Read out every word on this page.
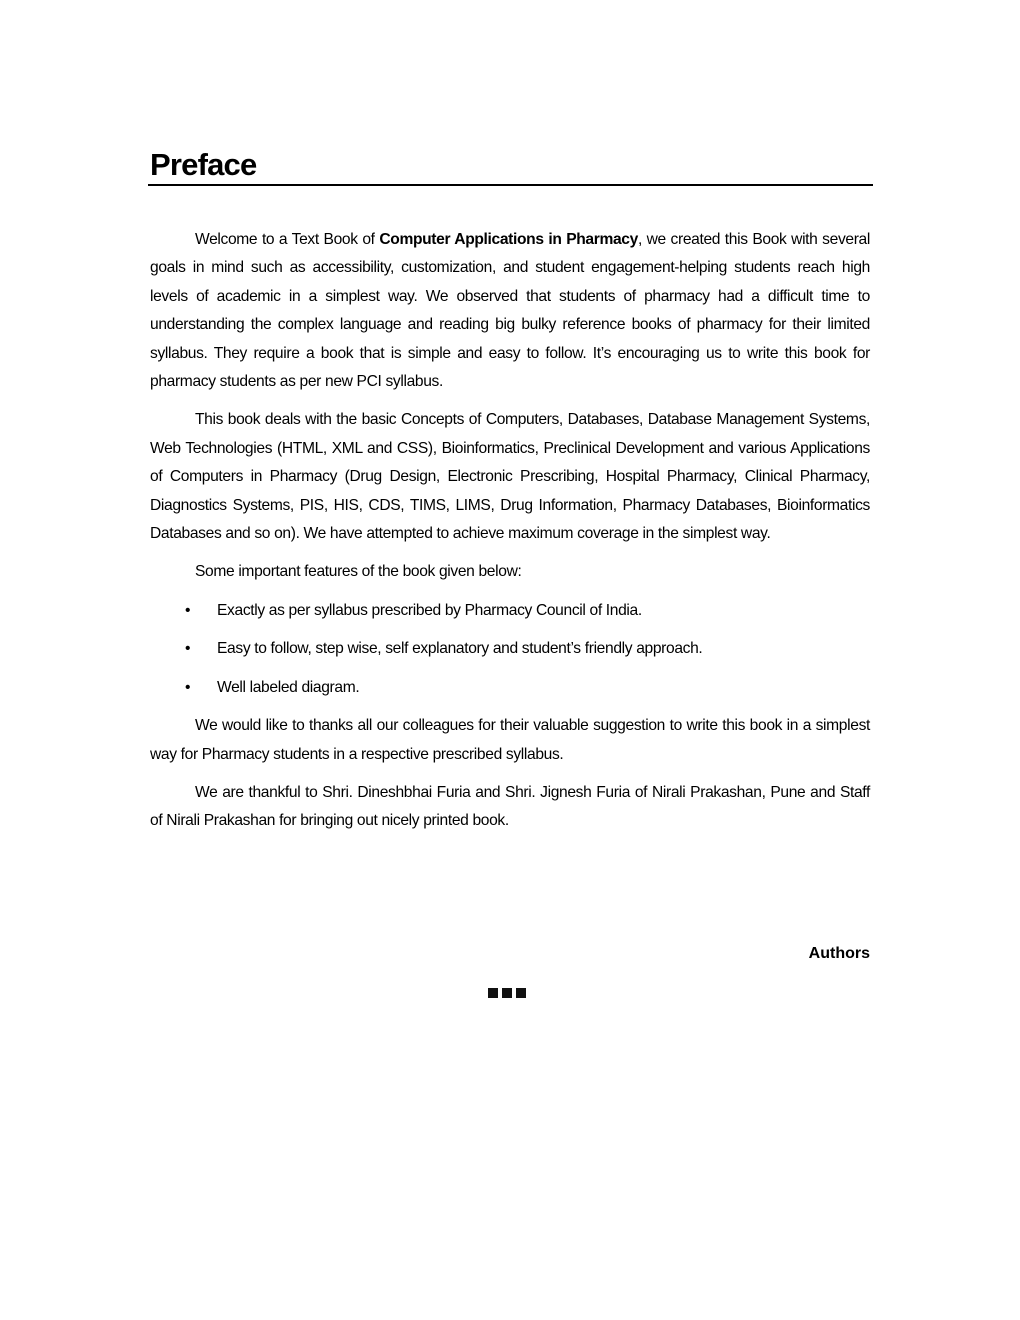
Preface

Welcome to a Text Book of Computer Applications in Pharmacy, we created this Book with several goals in mind such as accessibility, customization, and student engagement-helping students reach high levels of academic in a simplest way. We observed that students of pharmacy had a difficult time to understanding the complex language and reading big bulky reference books of pharmacy for their limited syllabus. They require a book that is simple and easy to follow. It’s encouraging us to write this book for pharmacy students as per new PCI syllabus.

This book deals with the basic Concepts of Computers, Databases, Database Management Systems, Web Technologies (HTML, XML and CSS), Bioinformatics, Preclinical Development and various Applications of Computers in Pharmacy (Drug Design, Electronic Prescribing, Hospital Pharmacy, Clinical Pharmacy, Diagnostics Systems, PIS, HIS, CDS, TIMS, LIMS, Drug Information, Pharmacy Databases, Bioinformatics Databases and so on). We have attempted to achieve maximum coverage in the simplest way.

Some important features of the book given below:

• Exactly as per syllabus prescribed by Pharmacy Council of India.
• Easy to follow, step wise, self explanatory and student’s friendly approach.
• Well labeled diagram.

We would like to thanks all our colleagues for their valuable suggestion to write this book in a simplest way for Pharmacy students in a respective prescribed syllabus.

We are thankful to Shri. Dineshbhai Furia and Shri. Jignesh Furia of Nirali Prakashan, Pune and Staff of Nirali Prakashan for bringing out nicely printed book.

Authors
